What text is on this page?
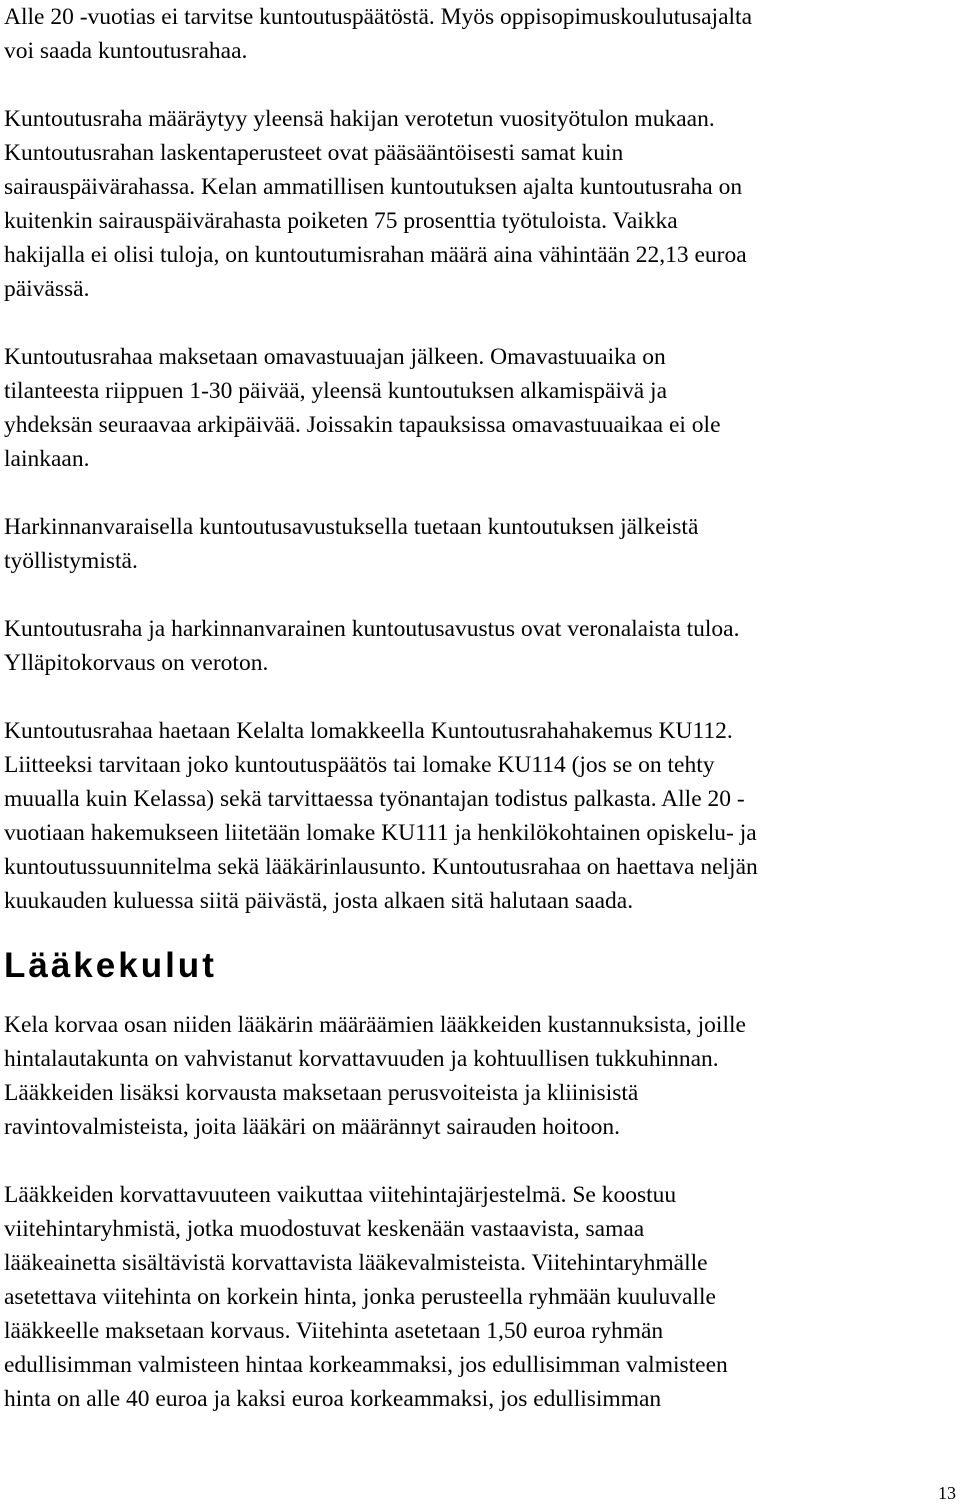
Alle 20 -vuotias ei tarvitse kuntoutuspäätöstä. Myös oppisopimuskoulutusajalta
voi saada kuntoutusrahaa.

Kuntoutusraha määräytyy yleensä hakijan verotetun vuosityötulon mukaan.
Kuntoutusrahan laskentaperusteet ovat pääsääntöisesti samat kuin
sairauspäivärahassa. Kelan ammatillisen kuntoutuksen ajalta kuntoutusraha on
kuitenkin sairauspäivärahasta poiketen 75 prosenttia työtuloista. Vaikka
hakijalla ei olisi tuloja, on kuntoutumisrahan määrä aina vähintään 22,13 euroa
päivässä.

Kuntoutusrahaa maksetaan omavastuuajan jälkeen. Omavastuuaika on
tilanteesta riippuen 1-30 päivää, yleensä kuntoutuksen alkamispäivä ja
yhdeksän seuraavaa arkipäivää. Joissakin tapauksissa omavastuuaikaa ei ole
lainkaan.

Harkinnanvaraisella kuntoutusavustuksella tuetaan kuntoutuksen jälkeistä
työllistymistä.

Kuntoutusraha ja harkinnanvarainen kuntoutusavustus ovat veronalaista tuloa.
Ylläpitokorvaus on veroton.

Kuntoutusrahaa haetaan Kelalta lomakkeella Kuntoutusrahahakemus KU112.
Liitteeksi tarvitaan joko kuntoutuspäätös tai lomake KU114 (jos se on tehty
muualla kuin Kelassa) sekä tarvittaessa työnantajan todistus palkasta. Alle 20 -
vuotiaan hakemukseen liitetään lomake KU111 ja henkilökohtainen opiskelu- ja
kuntoutussuunnitelma sekä lääkärinlausunto. Kuntoutusrahaa on haettava neljän
kuukauden kuluessa siitä päivästä, josta alkaen sitä halutaan saada.

Lääkekulut

Kela korvaa osan niiden lääkärin määräämien lääkkeiden kustannuksista, joille
hintalautakunta on vahvistanut korvattavuuden ja kohtuullisen tukkuhinnan.
Lääkkeiden lisäksi korvausta maksetaan perusvoiteista ja kliinisistä
ravintovalmisteista, joita lääkäri on määrännyt sairauden hoitoon.

Lääkkeiden korvattavuuteen vaikuttaa viitehintajärjestelmä. Se koostuu
viitehintaryhmistä, jotka muodostuvat keskenään vastaavista, samaa
lääkeainetta sisältävistä korvattavista lääkevalmisteista. Viitehintaryhmälle
asetettava viitehinta on korkein hinta, jonka perusteella ryhmään kuuluvalle
lääkkeelle maksetaan korvaus. Viitehinta asetetaan 1,50 euroa ryhmän
edullisimman valmisteen hintaa korkeammaksi, jos edullisimman valmisteen
hinta on alle 40 euroa ja kaksi euroa korkeammaksi, jos edullisimman

13
